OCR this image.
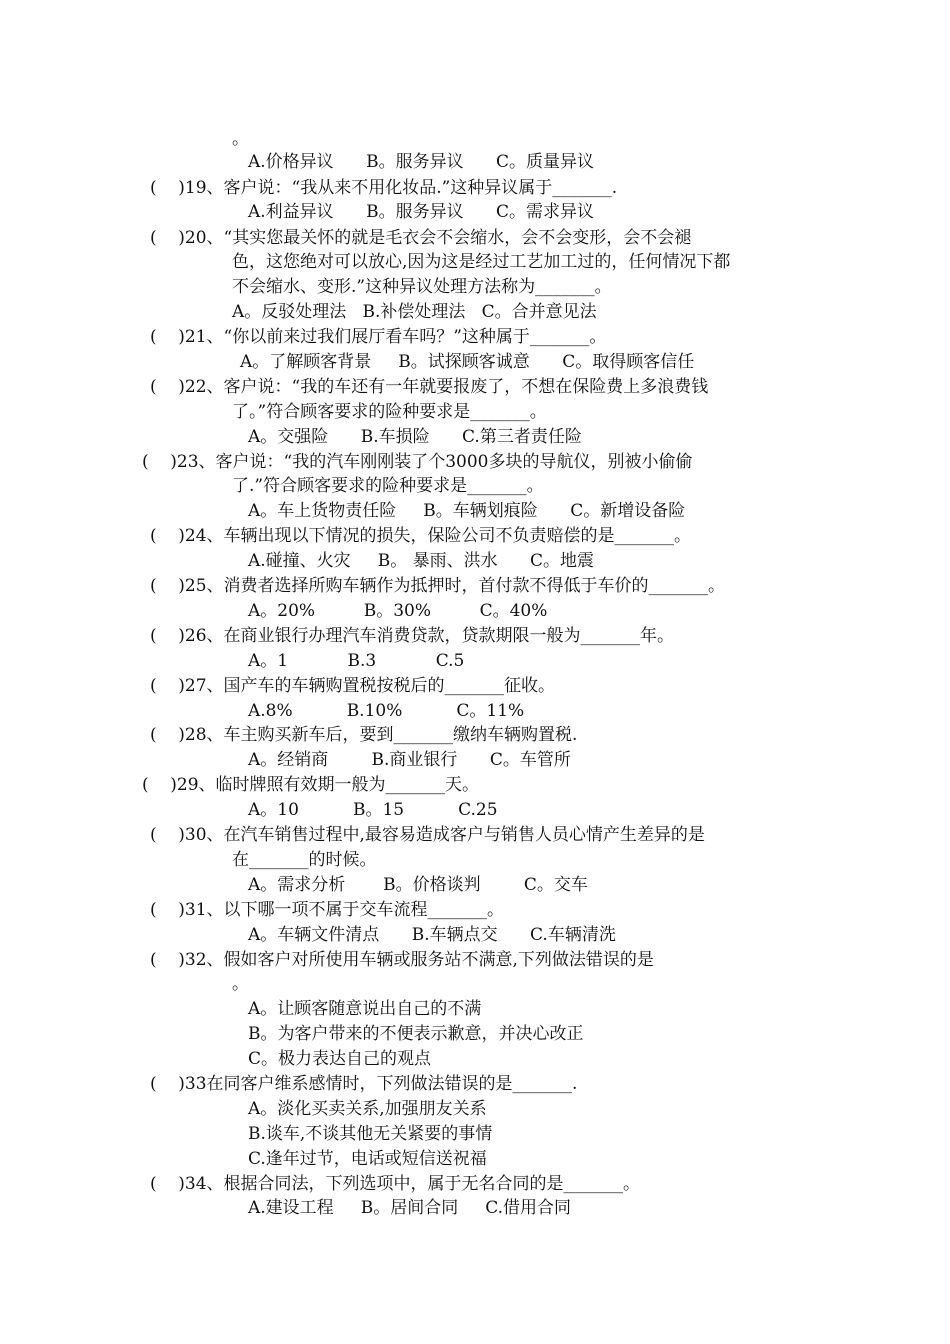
。
A.价格异议      B。服务异议      C。质量异议
(    )19、客户说：“我从来不用化妆品.”这种异议属于_______.
A.利益异议      B。服务异议      C。需求异议
(    )20、“其实您最关怀的就是毛衣会不会缩水，会不会变形，会不会褪
色，这您绝对可以放心,因为这是经过工艺加工过的，任何情况下都
不会缩水、变形.”这种异议处理方法称为_______。
A。反驳处理法   B.补偿处理法   C。合并意见法
(    )21、“你以前来过我们展厅看车吗？”这种属于_______。
A。了解顾客背景     B。试探顾客诚意      C。取得顾客信任
(    )22、客户说：“我的车还有一年就要报废了，不想在保险费上多浪费钱
了。”符合顾客要求的险种要求是_______。
A。交强险      B.车损险      C.第三者责任险
(    )23、客户说：“我的汽车刚刚装了个3000多块的导航仪，别被小偷偷
了.”符合顾客要求的险种要求是_______。
A。车上货物责任险     B。车辆划痕险      C。新增设备险
(    )24、车辆出现以下情况的损失，保险公司不负责赔偿的是_______。
A.碰撞、火灾     B。 暴雨、洪水      C。地震
(    )25、消费者选择所购车辆作为抵押时，首付款不得低于车价的_______。
A。20%         B。30%         C。40%
(    )26、在商业银行办理汽车消费贷款，贷款期限一般为_______年。
A。1           B.3           C.5
(    )27、国产车的车辆购置税按税后的_______征收。
A.8%          B.10%          C。11%
(    )28、车主购买新车后，要到_______缴纳车辆购置税.
A。经销商        B.商业银行      C。车管所
(    )29、临时牌照有效期一般为_______天。
A。10          B。15          C.25
(    )30、在汽车销售过程中,最容易造成客户与销售人员心情产生差异的是
在_______的时候。
A。需求分析       B。价格谈判        C。交车
(    )31、以下哪一项不属于交车流程_______。
A。车辆文件清点      B.车辆点交      C.车辆清洗
(    )32、假如客户对所使用车辆或服务站不满意,下列做法错误的是
。
A。让顾客随意说出自己的不满
B。为客户带来的不便表示歉意，并决心改正
C。极力表达自己的观点
(    )33在同客户维系感情时，下列做法错误的是_______.
A。淡化买卖关系,加强朋友关系
B.谈车,不谈其他无关紧要的事情
C.逢年过节，电话或短信送祝福
(    )34、根据合同法，下列选项中，属于无名合同的是_______。
A.建设工程     B。居间合同     C.借用合同
